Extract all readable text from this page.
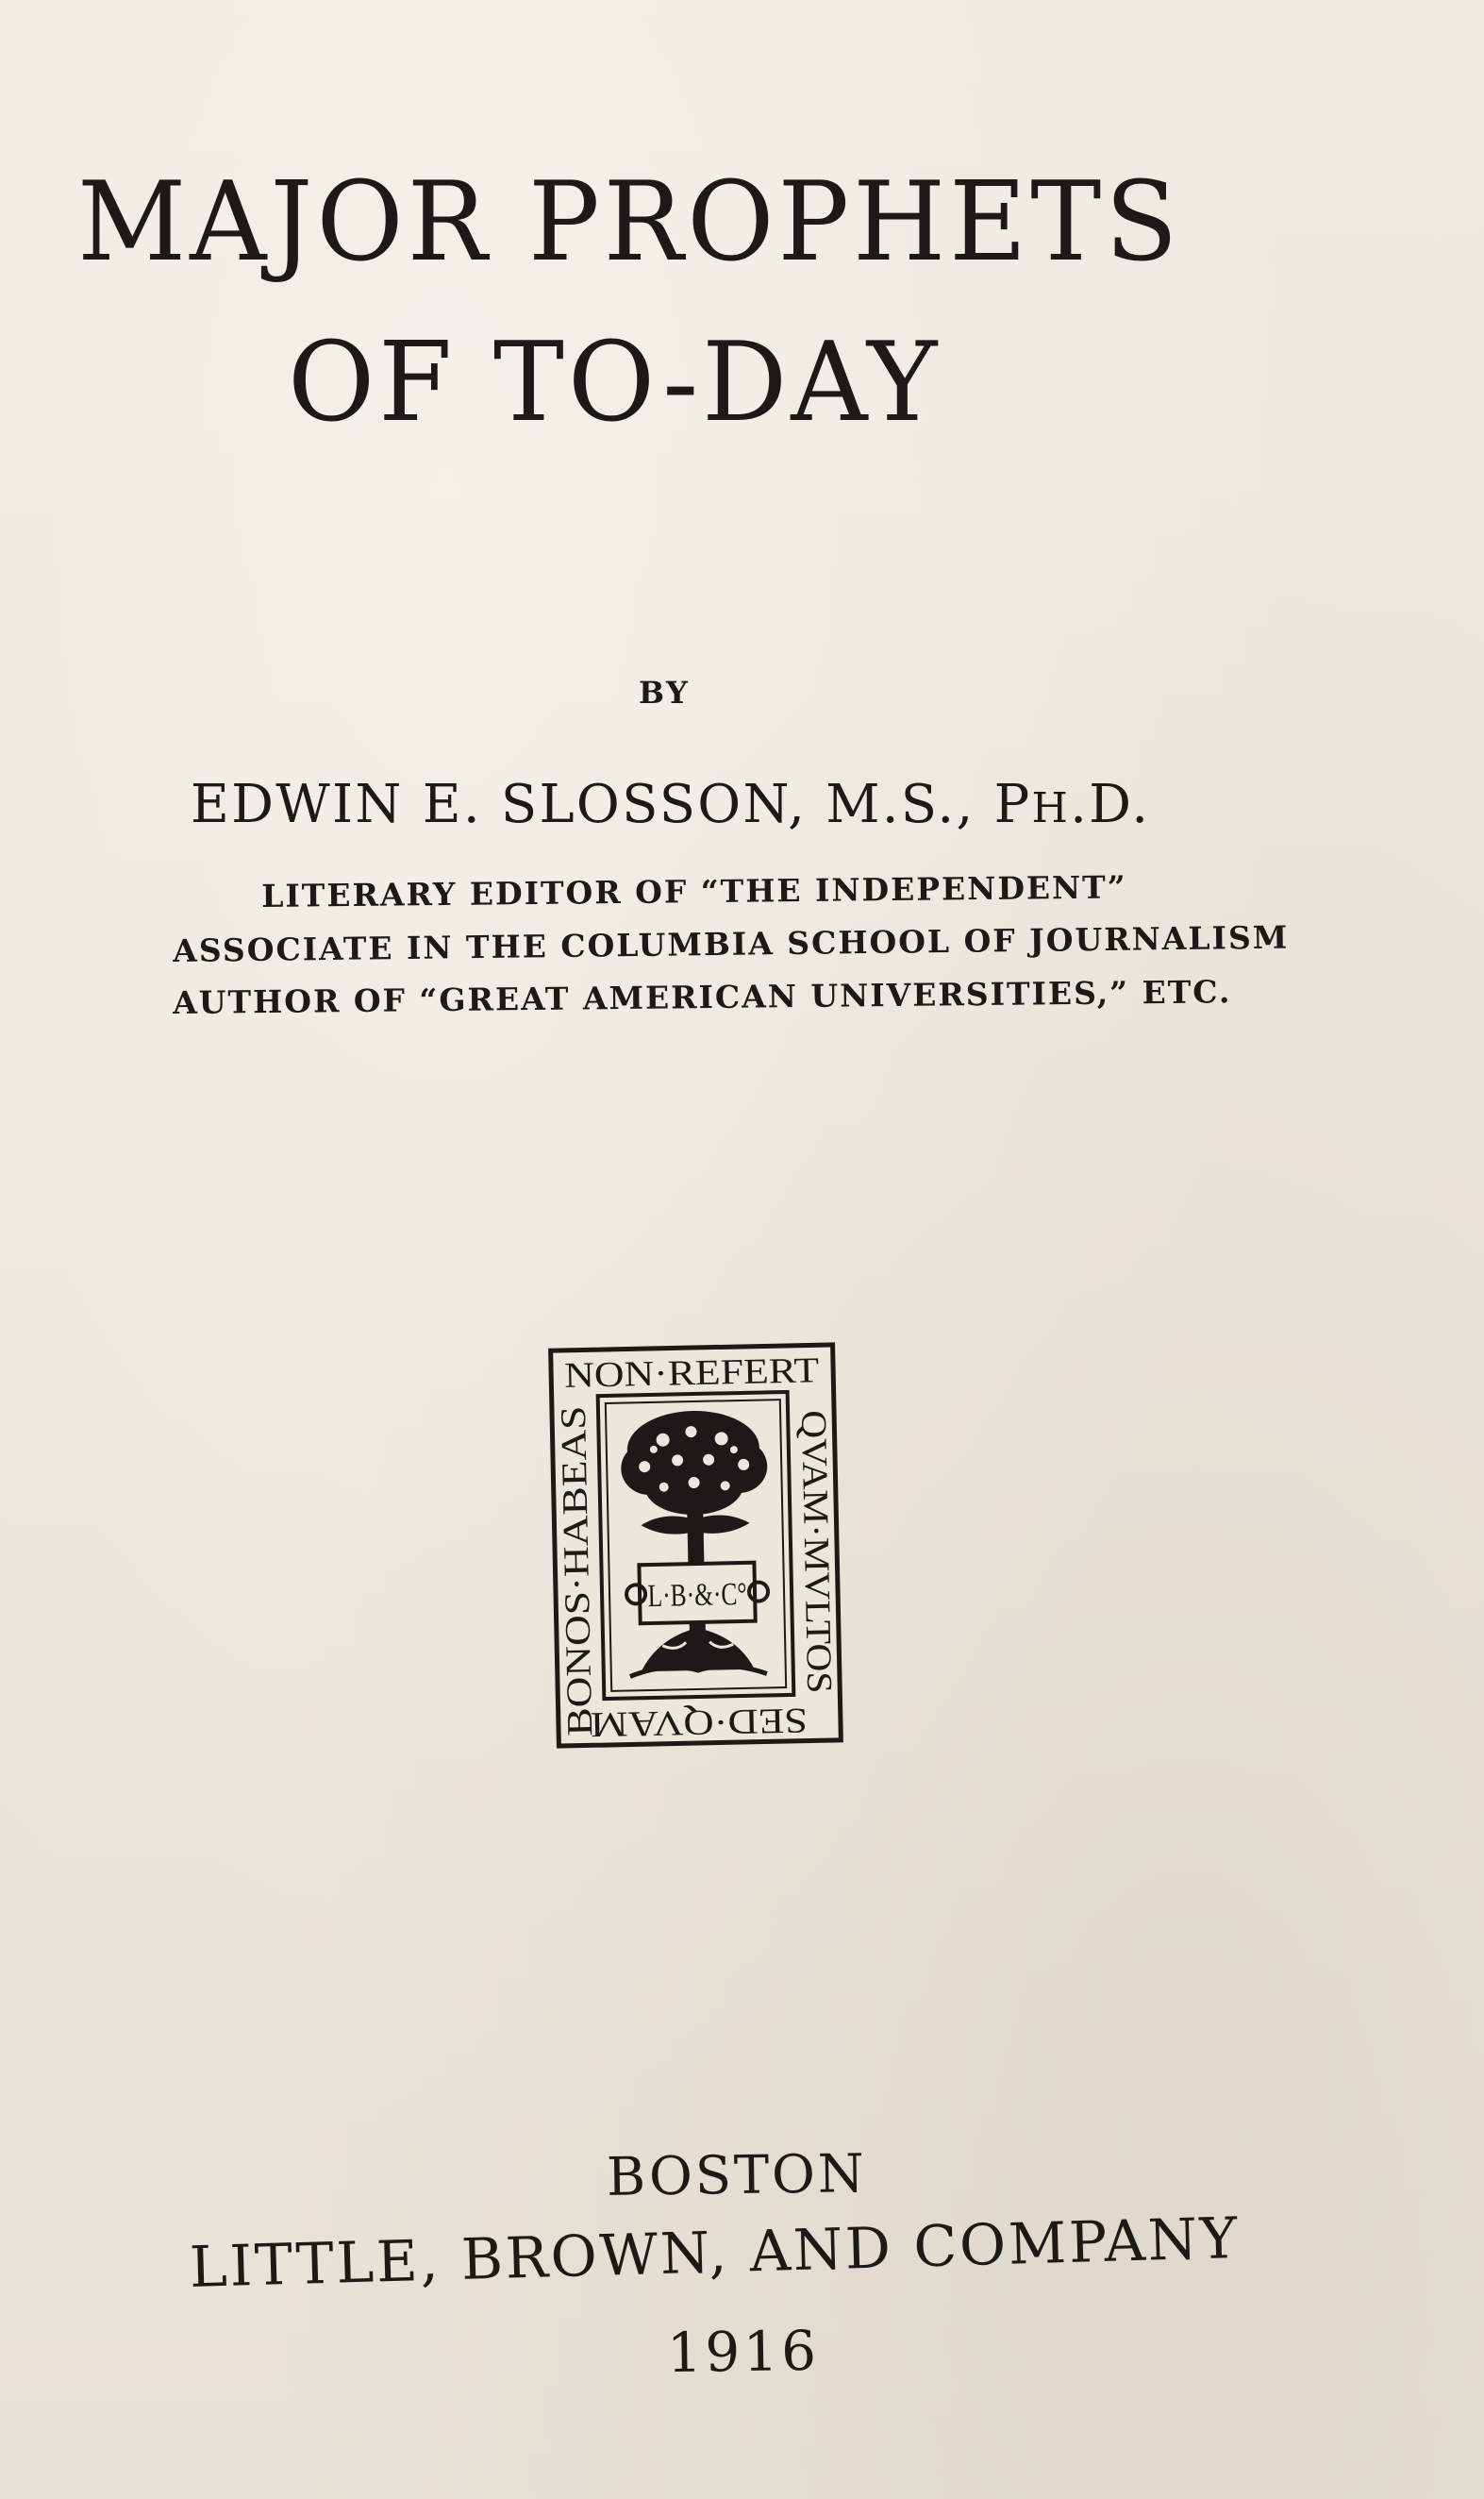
MAJOR PROPHETS
OF TO-DAY
BY
EDWIN E. SLOSSON, M.S., PH.D.
LITERARY EDITOR OF “THE INDEPENDENT”
ASSOCIATE IN THE COLUMBIA SCHOOL OF JOURNALISM
AUTHOR OF “GREAT AMERICAN UNIVERSITIES,” ETC.
NON·REFERT
QVAM·MVLTOS
SED·QVAM
BONOS·HABEAS L·B·&·C°
BOSTON
LITTLE, BROWN, AND COMPANY
1916
